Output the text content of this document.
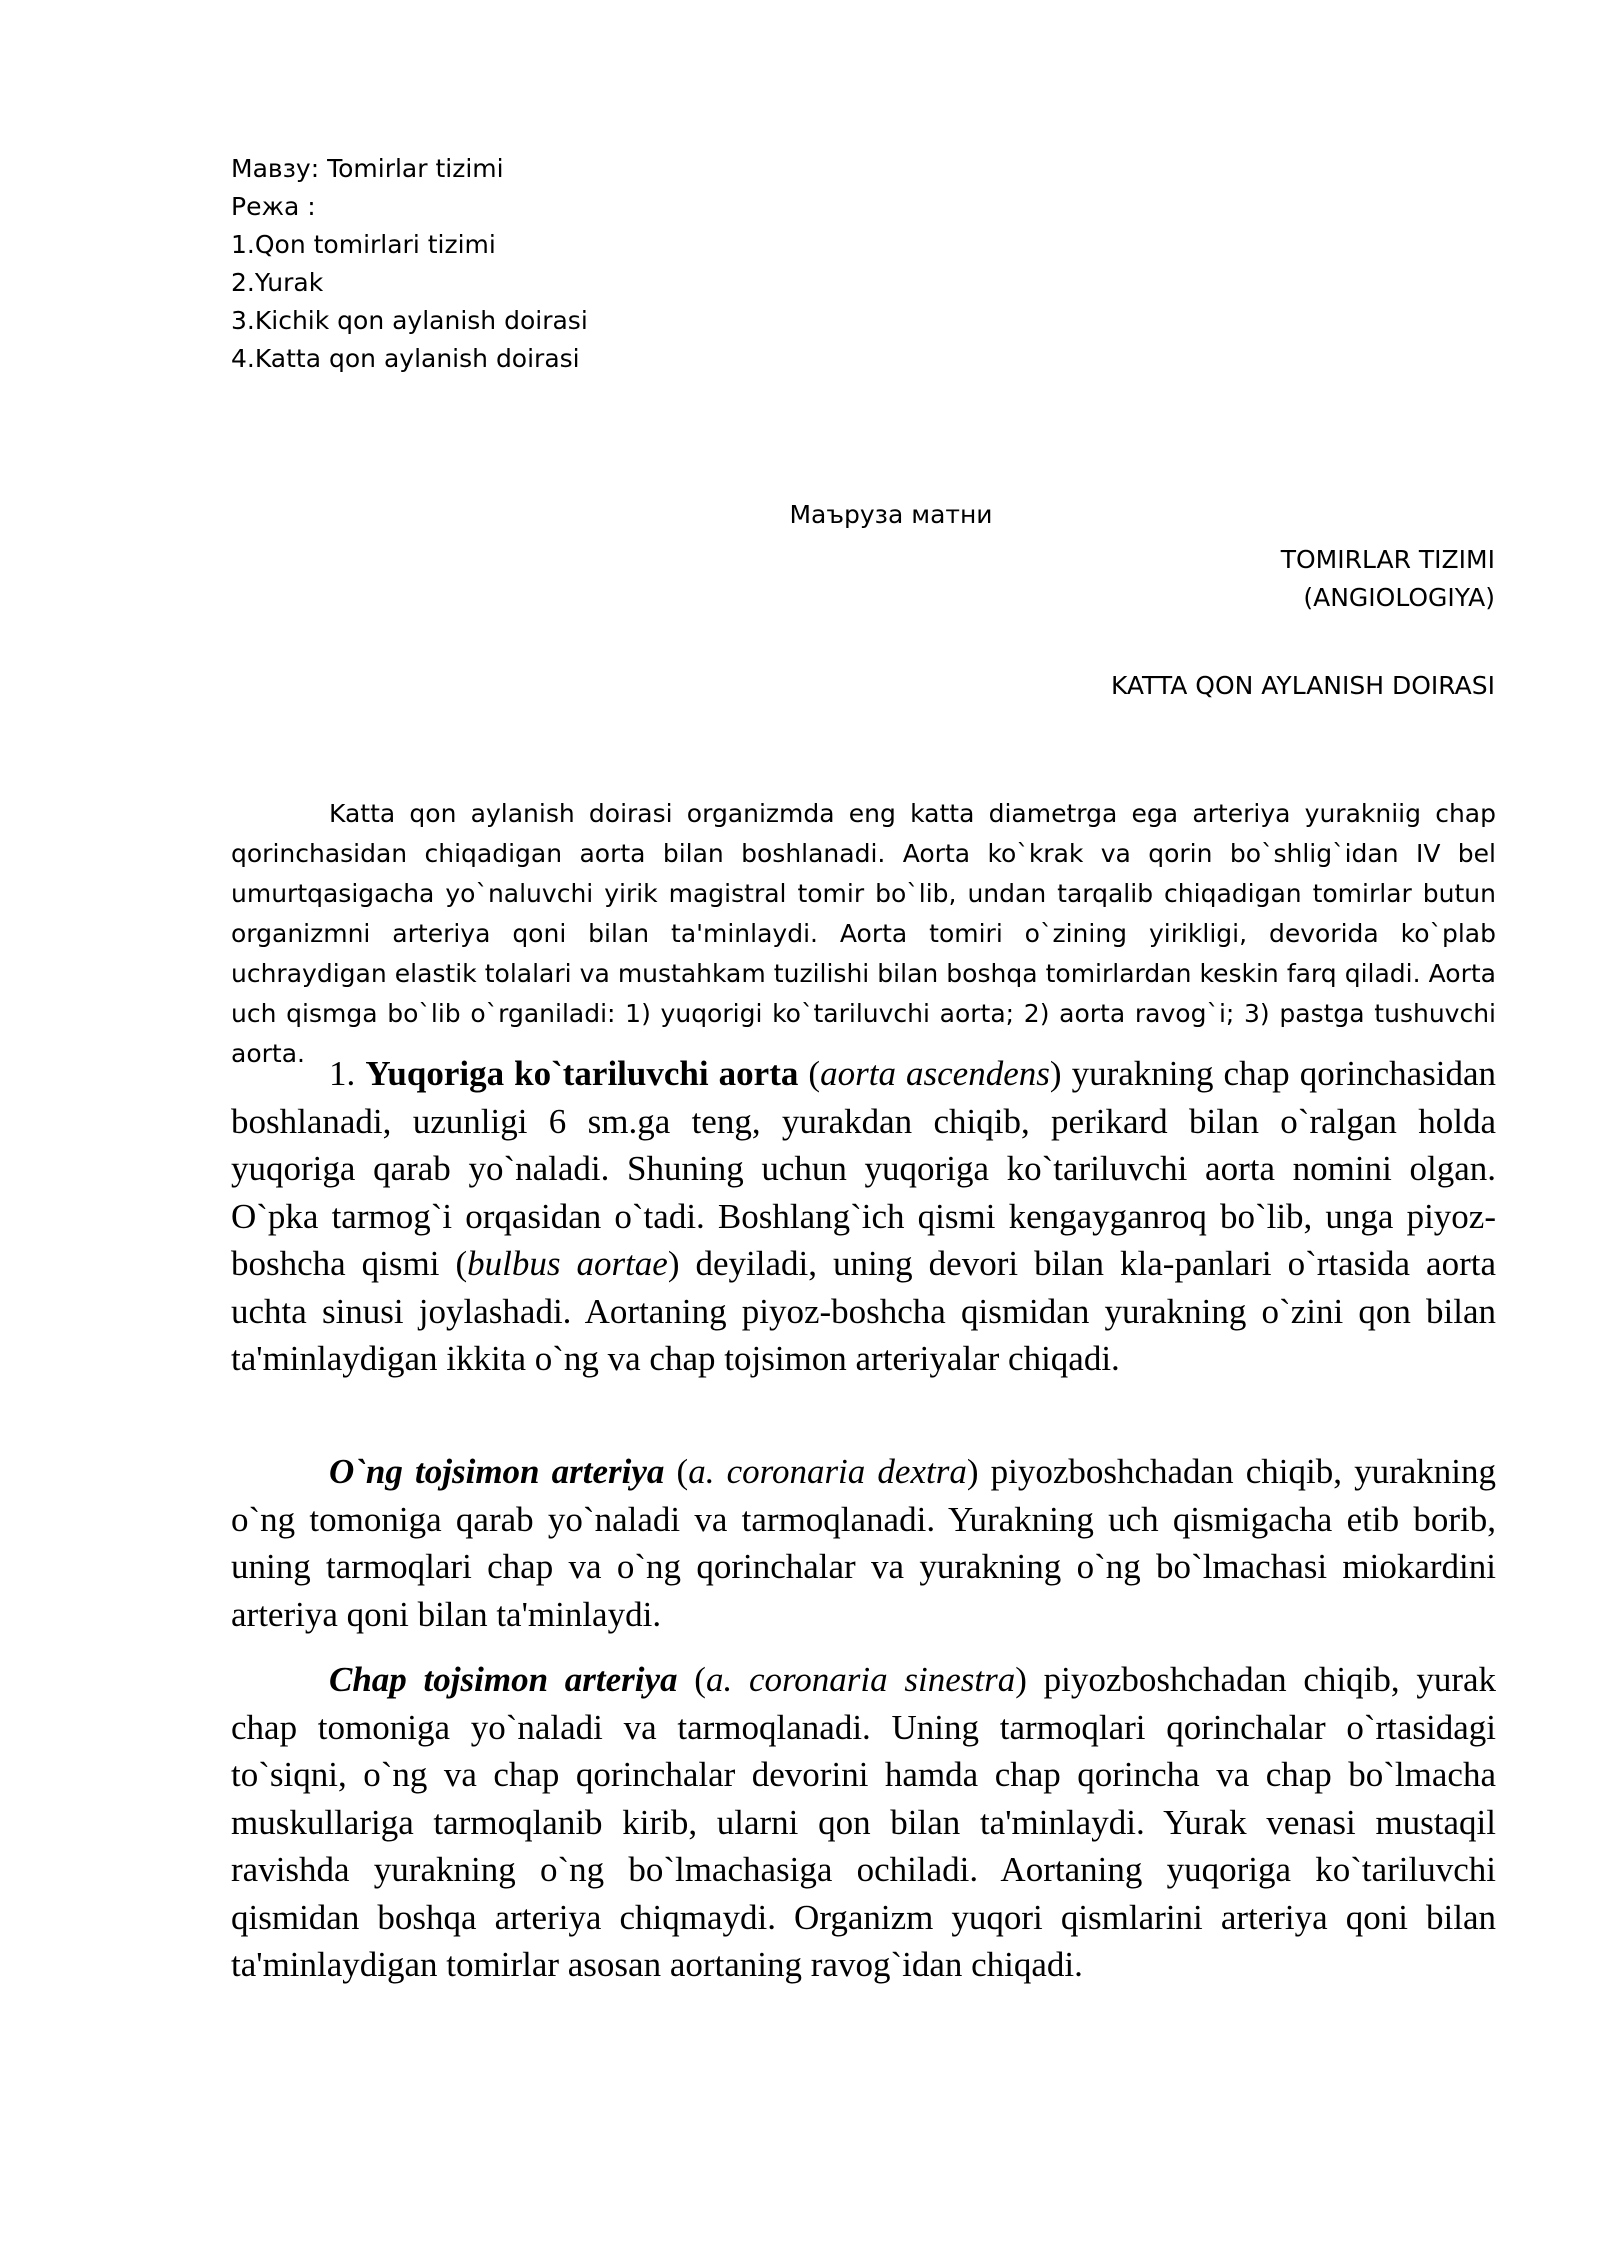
Мавзу: Tomirlar tizimi
Режа :
1.Qon tomirlari tizimi
2.Yurak
3.Kichik qon aylanish doirasi
4.Katta qon aylanish doirasi
Маъруза матни
TOMIRLAR TIZIMI
(ANGIOLOGIYA)
KATTA QON AYLANISH DOIRASI

Katta qon aylanish doirasi organizmda eng katta diametrga ega arteriya yurakniig chap qorinchasidan chiqadigan aorta bilan boshlanadi. Aorta ko`krak va qorin bo`shlig`idan IV bel umurtqasigacha yo`naluvchi yirik magistral tomir bo`lib, undan tarqalib chiqadigan tomirlar butun organizmni arteriya qoni bilan ta'minlaydi. Aorta tomiri o`zining yirikligi, devorida ko`plab uchraydigan elastik tolalari va mustahkam tuzilishi bilan boshqa tomirlardan keskin farq qiladi. Aorta uch qismga bo`lib o`rganiladi: 1) yuqorigi ko`tariluvchi aorta; 2) aorta ravog`i; 3) pastga tushuvchi aorta.

1. Yuqoriga ko`tariluvchi aorta (aorta ascendens) yurakning chap qorinchasidan boshlanadi, uzunligi 6 sm.ga teng, yurakdan chiqib, perikard bilan o`ralgan holda yuqoriga qarab yo`naladi. Shuning uchun yuqoriga ko`tariluvchi aorta nomini olgan. O`pka tarmog`i orqasidan o`tadi. Boshlang`ich qismi kengayganroq bo`lib, unga piyoz-boshcha qismi (bulbus aortae) deyiladi, uning devori bilan kla-panlari o`rtasida aorta uchta sinusi joylashadi. Aortaning piyoz-boshcha qismidan yurakning o`zini qon bilan ta'minlaydigan ikkita o`ng va chap tojsimon arteriyalar chiqadi.

O`ng tojsimon arteriya (a. coronaria dextra) piyozboshchadan chiqib, yurakning o`ng tomoniga qarab yo`naladi va tarmoqlanadi. Yurakning uch qismigacha etib borib, uning tarmoqlari chap va o`ng qorinchalar va yurakning o`ng bo`lmachasi miokardini arteriya qoni bilan ta'minlaydi.

Chap tojsimon arteriya (a. coronaria sinestra) piyozboshchadan chiqib, yurak chap tomoniga yo`naladi va tarmoqlanadi. Uning tarmoqlari qorinchalar o`rtasidagi to`siqni, o`ng va chap qorinchalar devorini hamda chap qorincha va chap bo`lmacha muskullariga tarmoqlanib kirib, ularni qon bilan ta'minlaydi. Yurak venasi mustaqil ravishda yurakning o`ng bo`lmachasiga ochiladi. Aortaning yuqoriga ko`tariluvchi qismidan boshqa arteriya chiqmaydi. Organizm yuqori qismlarini arteriya qoni bilan ta'minlaydigan tomirlar asosan aortaning ravog`idan chiqadi.
